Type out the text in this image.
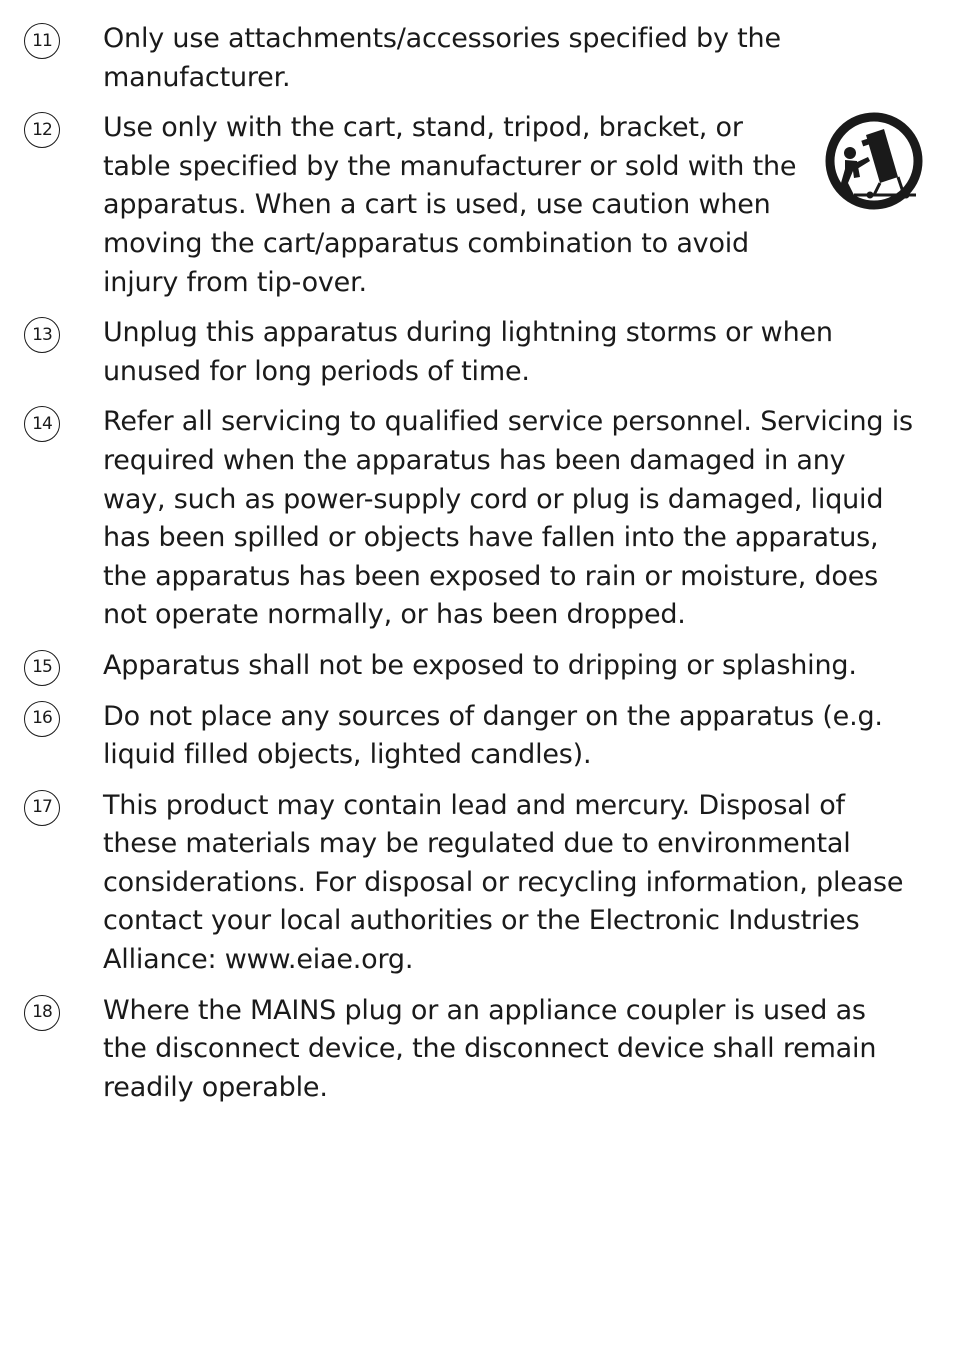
11	Only use attachments/accessories specified by the manufacturer.
12	Use only with the cart, stand, tripod, bracket, or table specified by the manufacturer or sold with the apparatus. When a cart is used, use caution when moving the cart/apparatus combination to avoid injury from tip-over.
13	Unplug this apparatus during lightning storms or when unused for long periods of time.
14	Refer all servicing to qualified service personnel. Servicing is required when the apparatus has been damaged in any way, such as power-supply cord or plug is damaged, liquid has been spilled or objects have fallen into the apparatus, the apparatus has been exposed to rain or moisture, does not operate normally, or has been dropped.
15	Apparatus shall not be exposed to dripping or splashing.
16	Do not place any sources of danger on the apparatus (e.g. liquid filled objects, lighted candles).
17	This product may contain lead and mercury. Disposal of these materials may be regulated due to environmental considerations. For disposal or recycling information, please contact your local authorities or the Electronic Industries Alliance: www.eiae.org.
18	Where the MAINS plug or an appliance coupler is used as the disconnect device, the disconnect device shall remain readily operable.
